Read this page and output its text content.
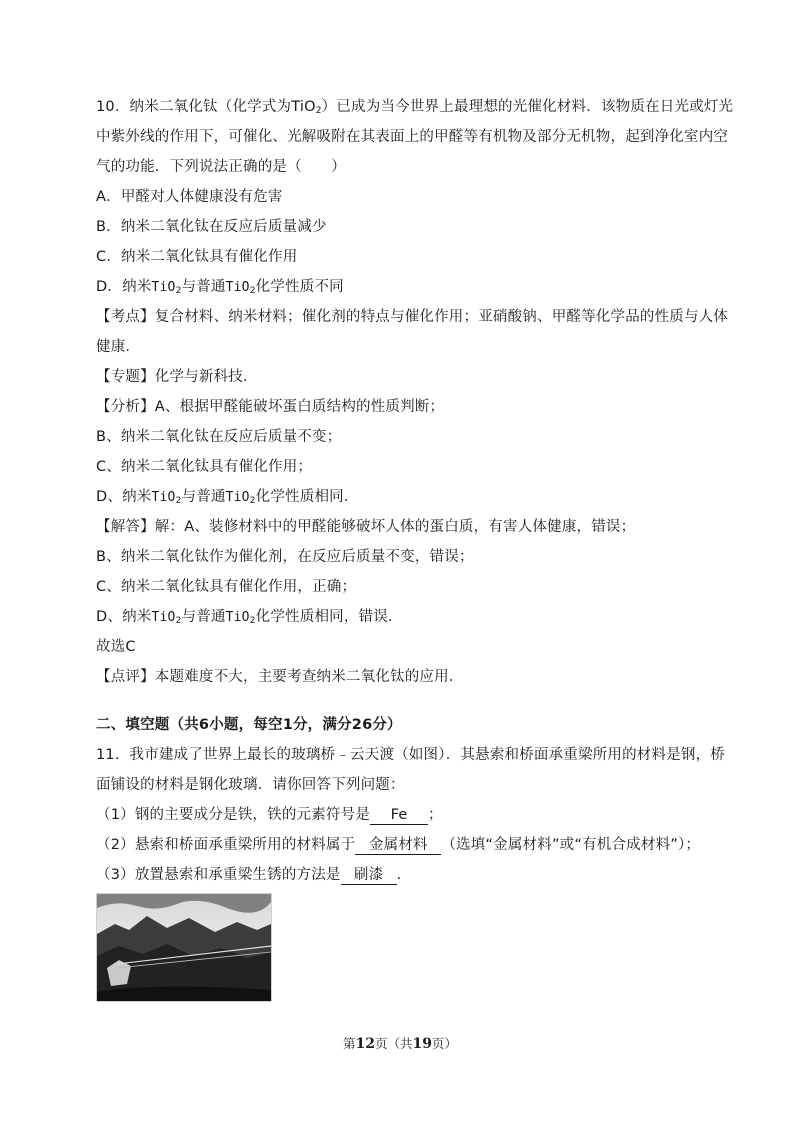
10．纳米二氧化钛（化学式为TiO$_2$）已成为当今世界上最理想的光催化材料．该物质在日光或灯光
中紫外线的作用下，可催化、光解吸附在其表面上的甲醛等有机物及部分无机物，起到净化室内空
气的功能．下列说法正确的是（　　）
A．甲醛对人体健康没有危害
B．纳米二氧化钛在反应后质量减少
C．纳米二氧化钛具有催化作用
D．纳米TiO$_2$与普通TiO$_2$化学性质不同
【考点】复合材料、纳米材料；催化剂的特点与催化作用；亚硝酸钠、甲醛等化学品的性质与人体
健康．
【专题】化学与新科技．
【分析】A、根据甲醛能破坏蛋白质结构的性质判断；
B、纳米二氧化钛在反应后质量不变；
C、纳米二氧化钛具有催化作用；
D、纳米TiO$_2$与普通TiO$_2$化学性质相同．
【解答】解：A、装修材料中的甲醛能够破坏人体的蛋白质，有害人体健康，错误；
B、纳米二氧化钛作为催化剂，在反应后质量不变，错误；
C、纳米二氧化钛具有催化作用，正确；
D、纳米TiO$_2$与普通TiO$_2$化学性质相同，错误．
故选C
【点评】本题难度不大，主要考查纳米二氧化钛的应用．
二、填空题（共6小题，每空1分，满分26分）
11．我市建成了世界上最长的玻璃桥﹣云天渡（如图）．其悬索和桥面承重梁所用的材料是钢，桥
面铺设的材料是钢化玻璃．请你回答下列问题：
（1）钢的主要成分是铁，铁的元素符号是 Fe ；
（2）悬索和桥面承重梁所用的材料属于 金属材料 （选填“金属材料”或“有机合成材料”）；
（3）放置悬索和承重梁生锈的方法是 刷漆 ．
第12页（共19页）
